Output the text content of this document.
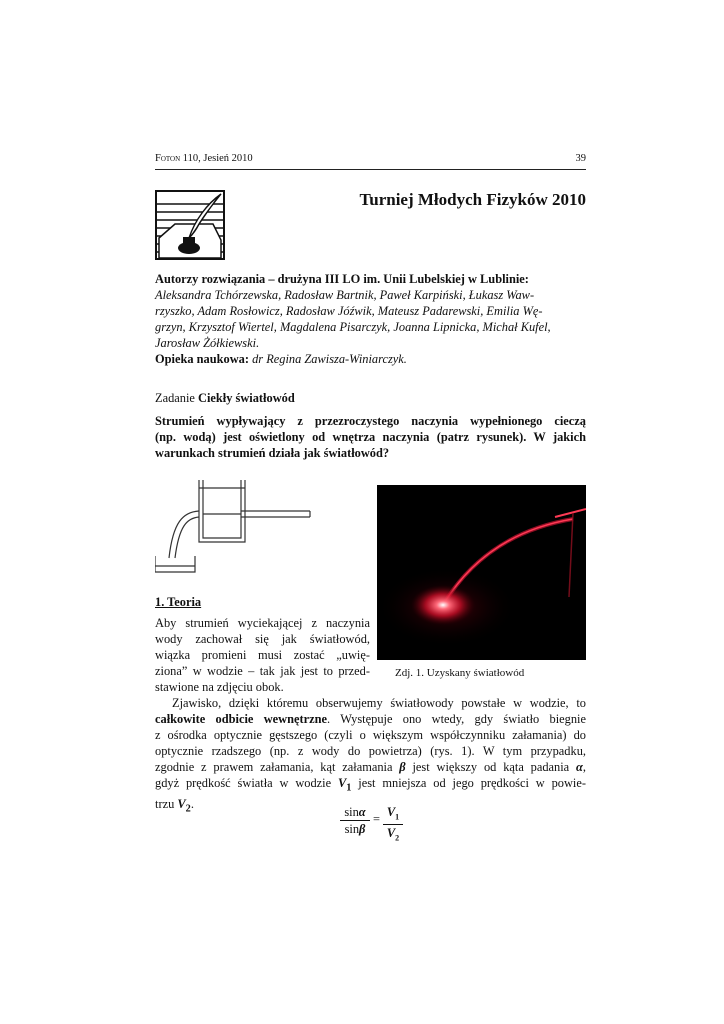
Foton 110, Jesień 2010	39
Turniej Młodych Fizyków 2010
Autorzy rozwiązania – drużyna III LO im. Unii Lubelskiej w Lublinie:
Aleksandra Tchórzewska, Radosław Bartnik, Paweł Karpiński, Łukasz Waw-
rzyszko, Adam Rosłowicz, Radosław Jóźwik, Mateusz Padarewski, Emilia Wę-
grzyn, Krzysztof Wiertel, Magdalena Pisarczyk, Joanna Lipnicka, Michał Kufel,
Jarosław Żółkiewski.
Opieka naukowa: dr Regina Zawisza-Winiarczyk.
Zadanie Ciekły światłowód
Strumień wypływający z przezroczystego naczynia wypełnionego cieczą
(np. wodą) jest oświetlony od wnętrza naczynia (patrz rysunek). W jakich
warunkach strumień działa jak światłowód?
Zdj. 1. Uzyskany światłowód
1. Teoria
Aby strumień wyciekającej z naczynia
wody zachował się jak światłowód,
wiązka promieni musi zostać „uwię-
ziona” w wodzie – tak jak jest to przed-
stawione na zdjęciu obok.
Zjawisko, dzięki któremu obserwujemy światłowody powstałe w wodzie, to
całkowite odbicie wewnętrzne. Występuje ono wtedy, gdy światło biegnie
z ośrodka optycznie gęstszego (czyli o większym współczynniku załamania) do
optycznie rzadszego (np. z wody do powietrza) (rys. 1). W tym przypadku,
zgodnie z prawem załamania, kąt załamania β jest większy od kąta padania α,
gdyż prędkość światła w wodzie $V_1$ jest mniejsza od jego prędkości w powie-
trzu $V_2$.
$\frac{\sin\alpha}{\sin\beta} = \frac{V_1}{V_2}$
